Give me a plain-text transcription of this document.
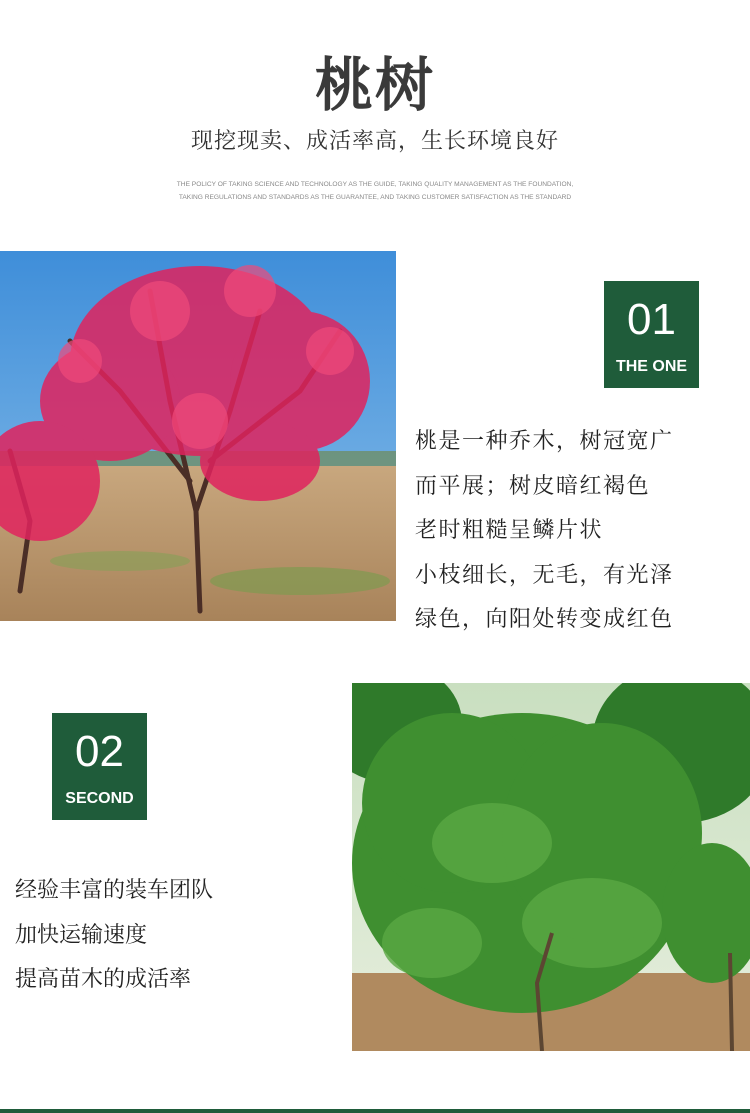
桃树
现挖现卖、成活率高，生长环境良好
THE POLICY OF TAKING SCIENCE AND TECHNOLOGY AS THE GUIDE, TAKING QUALITY MANAGEMENT AS THE FOUNDATION,
TAKING REGULATIONS AND STANDARDS AS THE GUARANTEE, AND TAKING CUSTOMER SATISFACTION AS THE STANDARD
01
THE ONE
桃是一种乔木，树冠宽广
而平展；树皮暗红褐色
老时粗糙呈鳞片状
小枝细长，无毛，有光泽
绿色，向阳处转变成红色
02
SECOND
经验丰富的装车团队
加快运输速度
提高苗木的成活率
